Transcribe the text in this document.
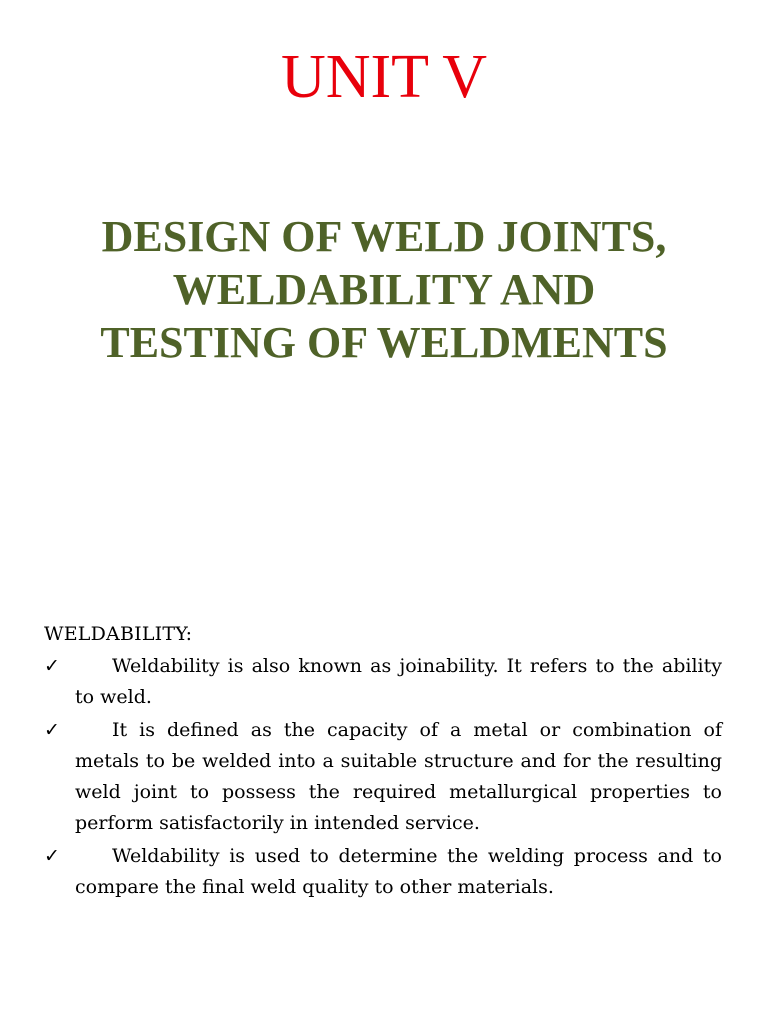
UNIT V
DESIGN OF WELD JOINTS,
WELDABILITY AND
TESTING OF WELDMENTS
WELDABILITY:
✓	Weldability is also known as joinability. It refers to the ability to weld.
✓	It is defined as the capacity of a metal or combination of metals to be welded into a suitable structure and for the resulting weld joint to possess the required metallurgical properties to perform satisfactorily in intended service.
✓	Weldability is used to determine the welding process and to compare the final weld quality to other materials.
